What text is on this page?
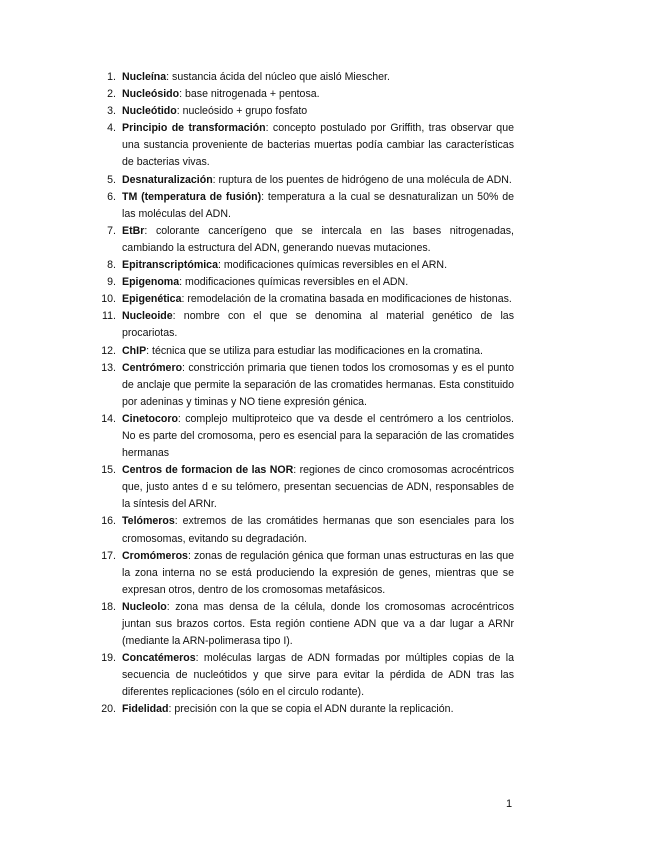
1. Nucleína: sustancia ácida del núcleo que aisló Miescher.
2. Nucleósido: base nitrogenada + pentosa.
3. Nucleótido: nucleósido + grupo fosfato
4. Principio de transformación: concepto postulado por Griffith, tras observar que una sustancia proveniente de bacterias muertas podía cambiar las características de bacterias vivas.
5. Desnaturalización: ruptura de los puentes de hidrógeno de una molécula de ADN.
6. TM (temperatura de fusión): temperatura a la cual se desnaturalizan un 50% de las moléculas del ADN.
7. EtBr: colorante cancerígeno que se intercala en las bases nitrogenadas, cambiando la estructura del ADN, generando nuevas mutaciones.
8. Epitranscriptómica: modificaciones químicas reversibles en el ARN.
9. Epigenoma: modificaciones químicas reversibles en el ADN.
10. Epigenética: remodelación de la cromatina basada en modificaciones de histonas.
11. Nucleoide: nombre con el que se denomina al material genético de las procariotas.
12. ChIP: técnica que se utiliza para estudiar las modificaciones en la cromatina.
13. Centrómero: constricción primaria que tienen todos los cromosomas y es el punto de anclaje que permite la separación de las cromatides hermanas. Esta constituido por adeninas y timinas y NO tiene expresión génica.
14. Cinetocoro: complejo multiproteico que va desde el centrómero a los centriolos. No es parte del cromosoma, pero es esencial para la separación de las cromatides hermanas
15. Centros de formacion de las NOR: regiones de cinco cromosomas acrocéntricos que, justo antes d e su telómero, presentan secuencias de ADN, responsables de la síntesis del ARNr.
16. Telómeros: extremos de las cromátides hermanas que son esenciales para los cromosomas, evitando su degradación.
17. Cromómeros: zonas de regulación génica que forman unas estructuras en las que la zona interna no se está produciendo la expresión de genes, mientras que se expresan otros, dentro de los cromosomas metafásicos.
18. Nucleolo: zona mas densa de la célula, donde los cromosomas acrocéntricos juntan sus brazos cortos. Esta región contiene ADN que va a dar lugar a ARNr (mediante la ARN-polimerasa tipo I).
19. Concatémeros: moléculas largas de ADN formadas por múltiples copias de la secuencia de nucleótidos y que sirve para evitar la pérdida de ADN tras las diferentes replicaciones (sólo en el circulo rodante).
20. Fidelidad: precisión con la que se copia el ADN durante la replicación.
1
